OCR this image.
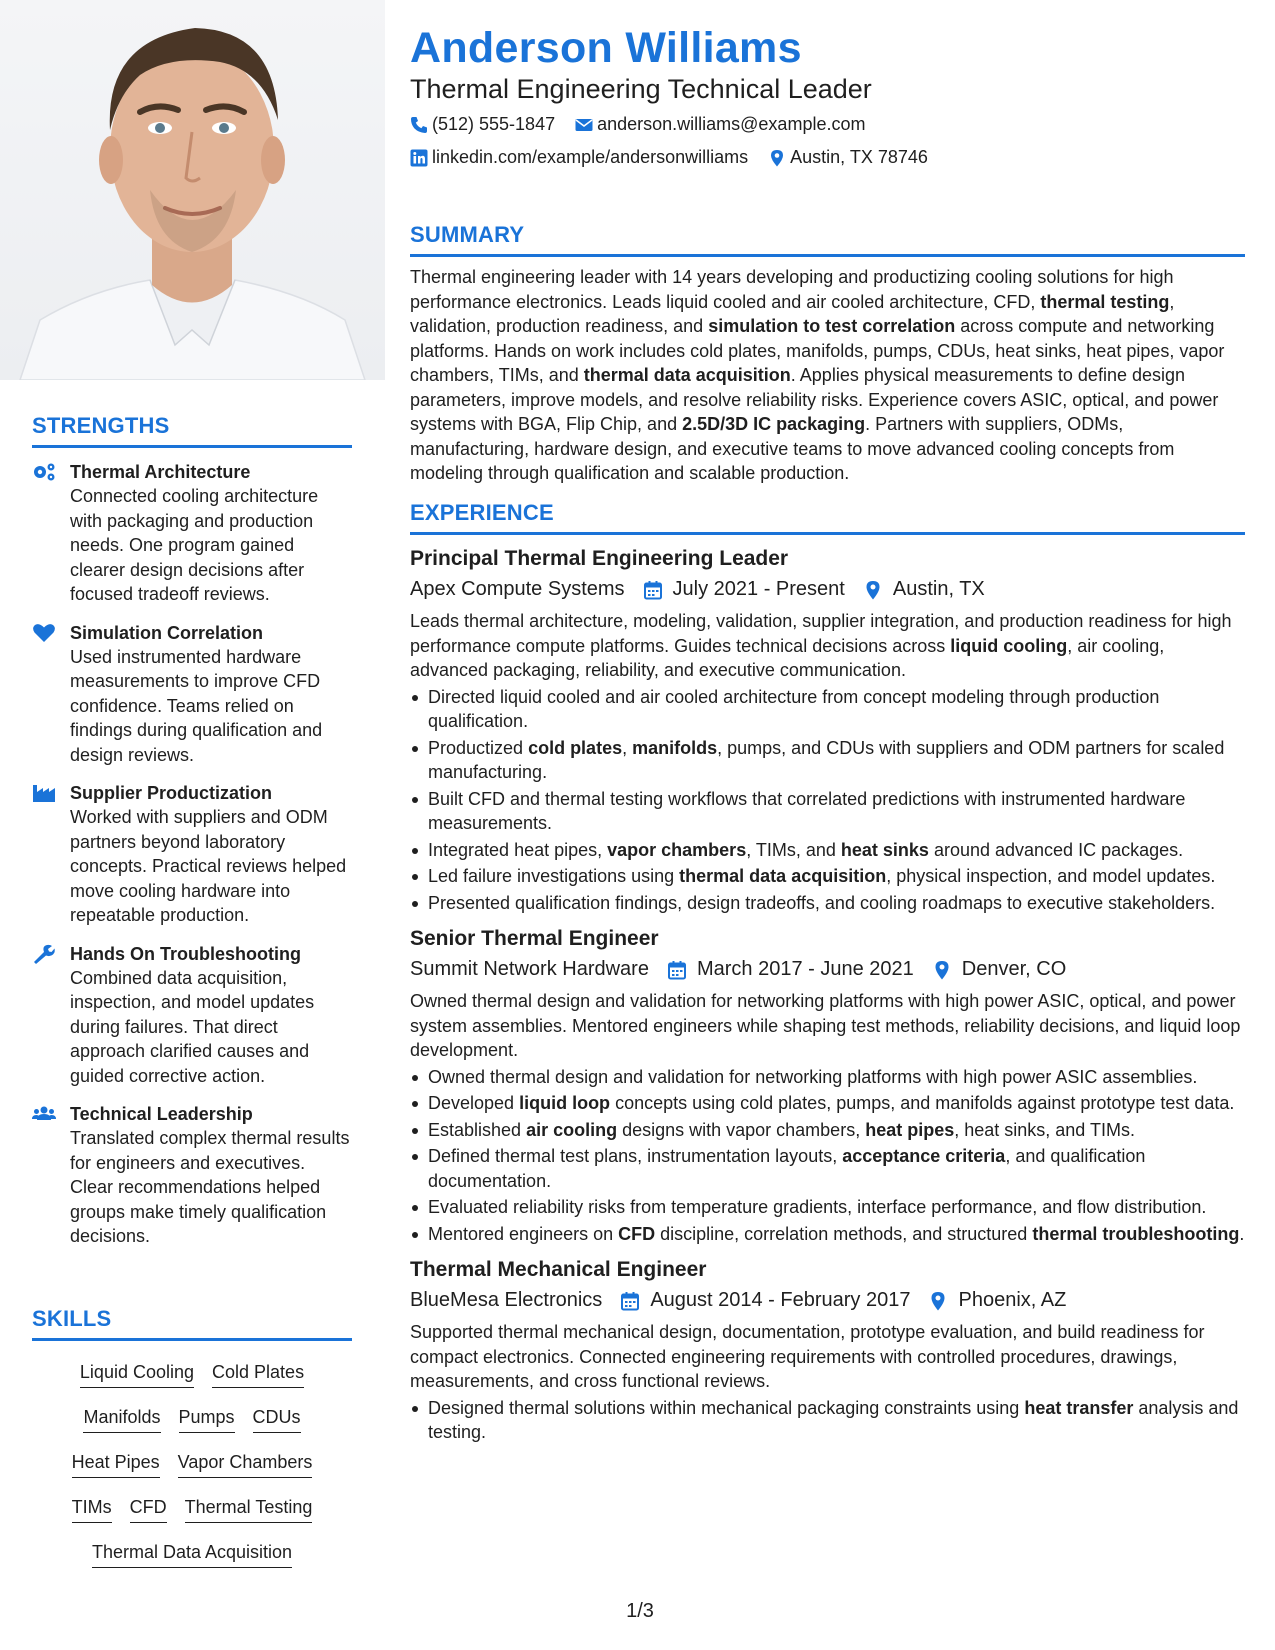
STRENGTHS
Thermal Architecture
Connected cooling architecture with packaging and production needs. One program gained clearer design decisions after focused tradeoff reviews.
Simulation Correlation
Used instrumented hardware measurements to improve CFD confidence. Teams relied on findings during qualification and design reviews.
Supplier Productization
Worked with suppliers and ODM partners beyond laboratory concepts. Practical reviews helped move cooling hardware into repeatable production.
Hands On Troubleshooting
Combined data acquisition, inspection, and model updates during failures. That direct approach clarified causes and guided corrective action.
Technical Leadership
Translated complex thermal results for engineers and executives. Clear recommendations helped groups make timely qualification decisions.
SKILLS
Liquid Cooling Cold Plates
Manifolds Pumps CDUs
Heat Pipes Vapor Chambers
TIMs CFD Thermal Testing
Thermal Data Acquisition
Anderson Williams
Thermal Engineering Technical Leader
(512) 555-1847 anderson.williams@example.com
linkedin.com/example/andersonwilliams Austin, TX 78746
SUMMARY

Thermal engineering leader with 14 years developing and productizing cooling solutions for high performance electronics. Leads liquid cooled and air cooled architecture, CFD, thermal testing, validation, production readiness, and simulation to test correlation across compute and networking platforms. Hands on work includes cold plates, manifolds, pumps, CDUs, heat sinks, heat pipes, vapor chambers, TIMs, and thermal data acquisition. Applies physical measurements to define design parameters, improve models, and resolve reliability risks. Experience covers ASIC, optical, and power systems with BGA, Flip Chip, and 2.5D/3D IC packaging. Partners with suppliers, ODMs, manufacturing, hardware design, and executive teams to move advanced cooling concepts from modeling through qualification and scalable production.

EXPERIENCE
Principal Thermal Engineering Leader
Apex Compute Systems July 2021 - Present Austin, TX

Leads thermal architecture, modeling, validation, supplier integration, and production readiness for high performance compute platforms. Guides technical decisions across liquid cooling, air cooling, advanced packaging, reliability, and executive communication.

Directed liquid cooled and air cooled architecture from concept modeling through production qualification.
Productized cold plates, manifolds, pumps, and CDUs with suppliers and ODM partners for scaled manufacturing.
Built CFD and thermal testing workflows that correlated predictions with instrumented hardware measurements.
Integrated heat pipes, vapor chambers, TIMs, and heat sinks around advanced IC packages.
Led failure investigations using thermal data acquisition, physical inspection, and model updates.
Presented qualification findings, design tradeoffs, and cooling roadmaps to executive stakeholders.
Senior Thermal Engineer
Summit Network Hardware March 2017 - June 2021 Denver, CO

Owned thermal design and validation for networking platforms with high power ASIC, optical, and power system assemblies. Mentored engineers while shaping test methods, reliability decisions, and liquid loop development.

Owned thermal design and validation for networking platforms with high power ASIC assemblies.
Developed liquid loop concepts using cold plates, pumps, and manifolds against prototype test data.
Established air cooling designs with vapor chambers, heat pipes, heat sinks, and TIMs.
Defined thermal test plans, instrumentation layouts, acceptance criteria, and qualification documentation.
Evaluated reliability risks from temperature gradients, interface performance, and flow distribution.
Mentored engineers on CFD discipline, correlation methods, and structured thermal troubleshooting.
Thermal Mechanical Engineer
BlueMesa Electronics August 2014 - February 2017 Phoenix, AZ

Supported thermal mechanical design, documentation, prototype evaluation, and build readiness for compact electronics. Connected engineering requirements with controlled procedures, drawings, measurements, and cross functional reviews.

Designed thermal solutions within mechanical packaging constraints using heat transfer analysis and testing.
1/3
